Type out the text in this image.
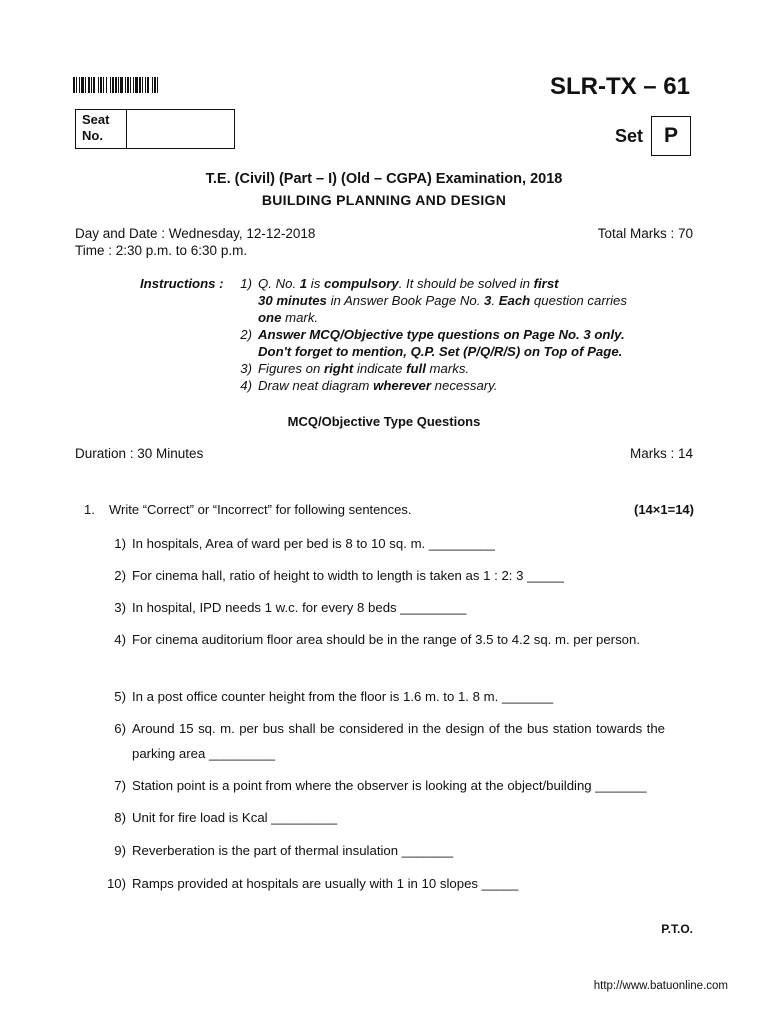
SLR-TX – 61
Seat
No.	Set P
T.E. (Civil) (Part – I) (Old – CGPA) Examination, 2018
BUILDING PLANNING AND DESIGN
Day and Date : Wednesday, 12-12-2018
Time : 2:30 p.m. to 6:30 p.m.
Total Marks : 70
Instructions :	1) Q. No. 1 is compulsory. It should be solved in first
30 minutes in Answer Book Page No. 3. Each question carries
one mark.
2) Answer MCQ/Objective type questions on Page No. 3 only. Don't forget to mention, Q.P. Set (P/Q/R/S) on Top of Page.
3) Figures on right indicate full marks.
4) Draw neat diagram wherever necessary.
MCQ/Objective Type Questions
Duration : 30 Minutes	Marks : 14
1.	Write “Correct” or “Incorrect” for following sentences.	(14×1=14)
1) In hospitals, Area of ward per bed is 8 to 10 sq. m. _________
2) For cinema hall, ratio of height to width to length is taken as 1 : 2: 3 _____
3) In hospital, IPD needs 1 w.c. for every 8 beds _________
4) For cinema auditorium floor area should be in the range of 3.5 to 4.2 sq. m. per person.
5) In a post office counter height from the floor is 1.6 m. to 1. 8 m. _______
6) Around 15 sq. m. per bus shall be considered in the design of the bus station towards the parking area _________
7) Station point is a point from where the observer is looking at the object/building _______
8) Unit for fire load is Kcal _________
9) Reverberation is the part of thermal insulation _______
10) Ramps provided at hospitals are usually with 1 in 10 slopes _____
P.T.O.
http://www.batuonline.com
